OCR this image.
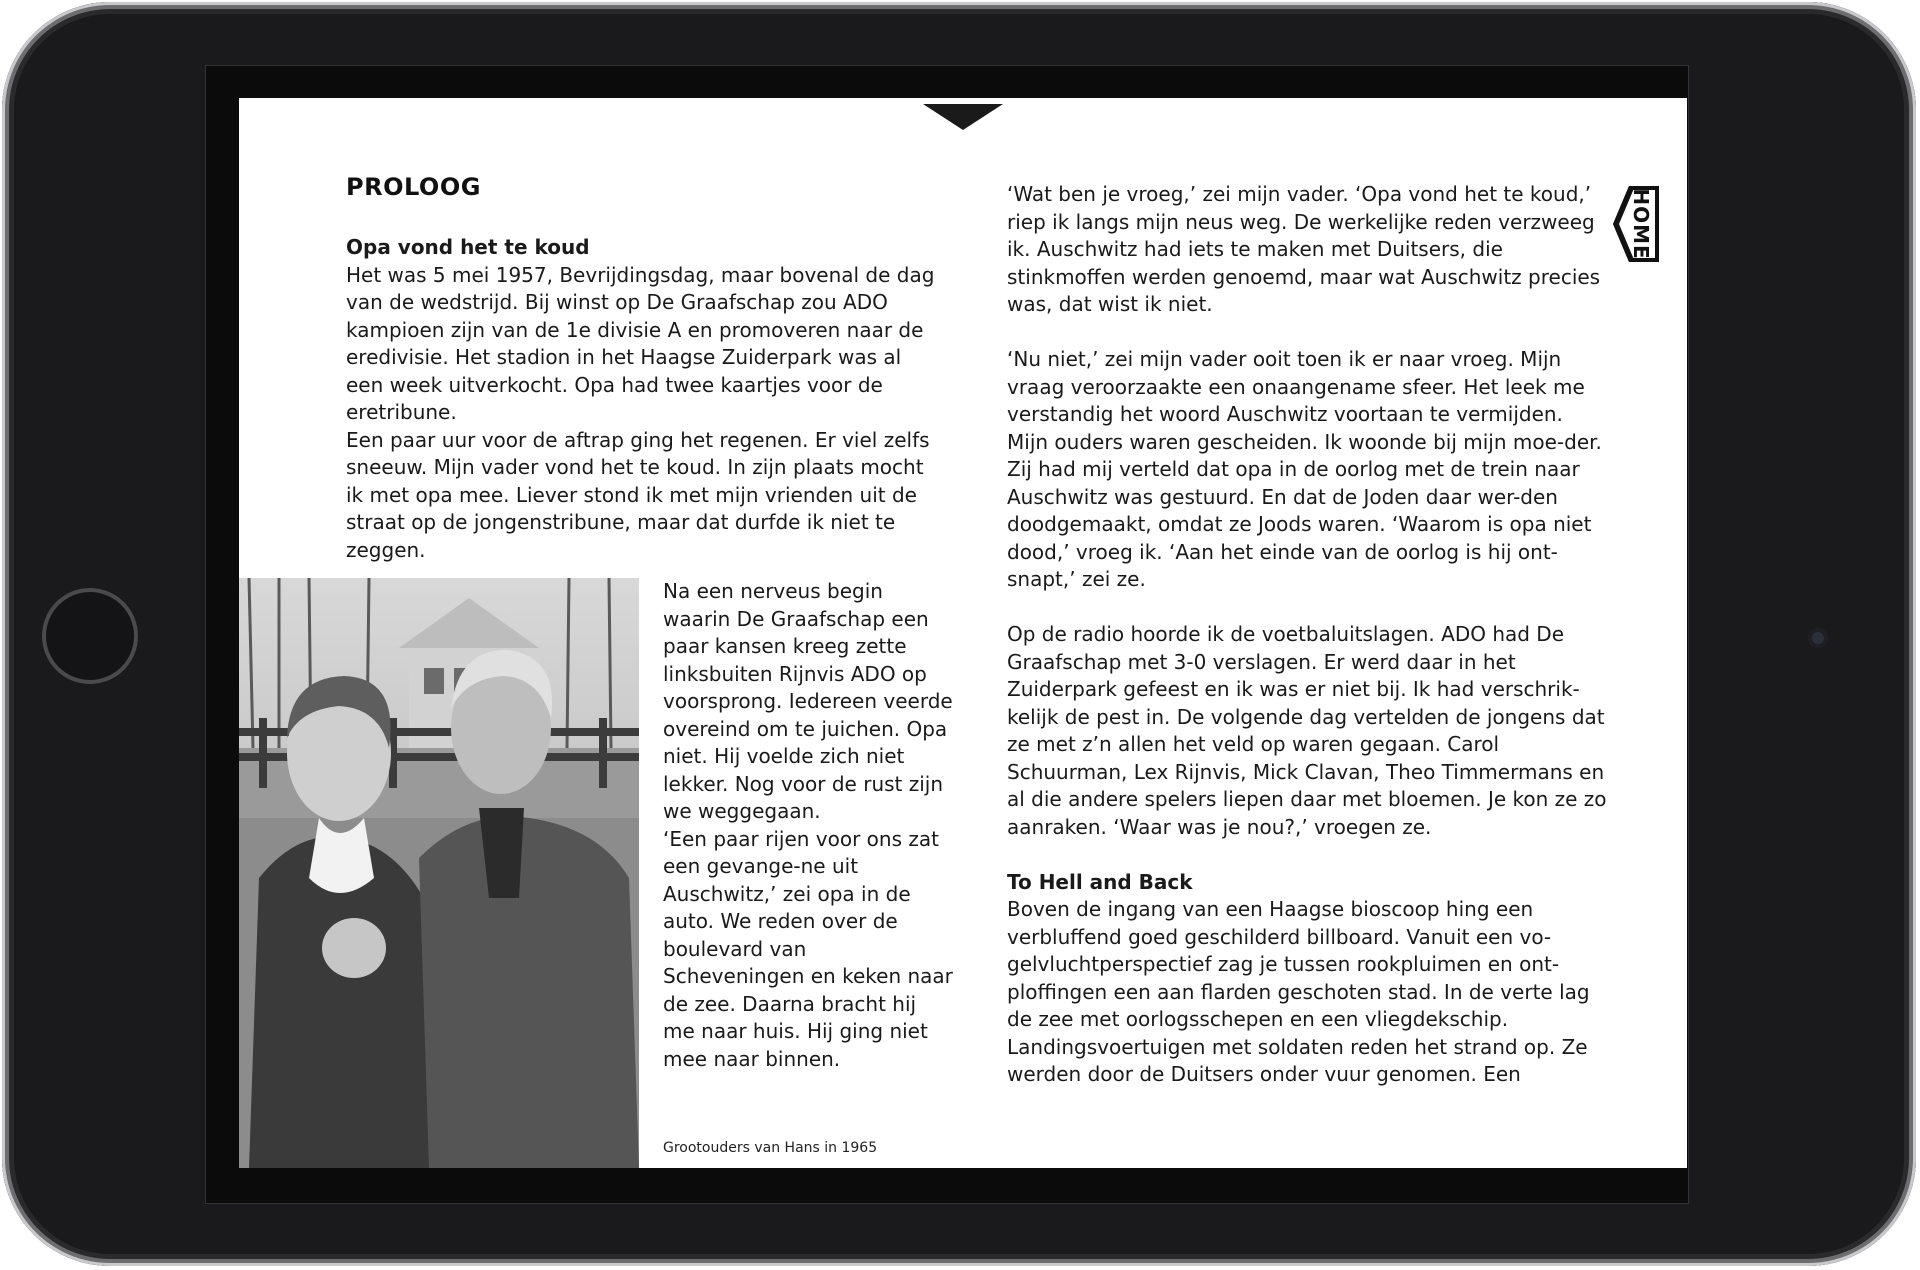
HOME
PROLOOG

Opa vond het te koud

Het was 5 mei 1957, Bevrijdingsdag, maar bovenal de dag van de wedstrijd. Bij winst op De Graafschap zou ADO kampioen zijn van de 1e divisie A en promoveren naar de eredivisie. Het stadion in het Haagse Zuiderpark was al een week uitverkocht. Opa had twee kaartjes voor de eretribune.

Een paar uur voor de aftrap ging het regenen. Er viel zelfs sneeuw. Mijn vader vond het te koud. In zijn plaats mocht ik met opa mee. Liever stond ik met mijn vrienden uit de straat op de jongenstribune, maar dat durfde ik niet te zeggen.

Na een nerveus begin waarin De Graafschap een paar kansen kreeg zette linksbuiten Rijnvis ADO op voorsprong. Iedereen veerde overeind om te juichen. Opa niet. Hij voelde zich niet lekker. Nog voor de rust zijn we weggegaan.

‘Een paar rijen voor ons zat een gevange-ne uit Auschwitz,’ zei opa in de auto. We reden over de boulevard van Scheveningen en keken naar de zee. Daarna bracht hij me naar huis. Hij ging niet mee naar binnen.

Grootouders van Hans in 1965

‘Wat ben je vroeg,’ zei mijn vader. ‘Opa vond het te koud,’ riep ik langs mijn neus weg. De werkelijke reden verzweeg ik. Auschwitz had iets te maken met Duitsers, die stinkmoffen werden genoemd, maar wat Auschwitz precies was, dat wist ik niet.

‘Nu niet,’ zei mijn vader ooit toen ik er naar vroeg. Mijn vraag veroorzaakte een onaangename sfeer. Het leek me verstandig het woord Auschwitz voortaan te vermijden. Mijn ouders waren gescheiden. Ik woonde bij mijn moe-der. Zij had mij verteld dat opa in de oorlog met de trein naar Auschwitz was gestuurd. En dat de Joden daar wer-den doodgemaakt, omdat ze Joods waren. ‘Waarom is opa niet dood,’ vroeg ik. ‘Aan het einde van de oorlog is hij ont-snapt,’ zei ze.

Op de radio hoorde ik de voetbaluitslagen. ADO had De Graafschap met 3-0 verslagen. Er werd daar in het Zuiderpark gefeest en ik was er niet bij. Ik had verschrik-kelijk de pest in. De volgende dag vertelden de jongens dat ze met z’n allen het veld op waren gegaan. Carol Schuurman, Lex Rijnvis, Mick Clavan, Theo Timmermans en al die andere spelers liepen daar met bloemen. Je kon ze zo aanraken. ‘Waar was je nou?,’ vroegen ze.

To Hell and Back

Boven de ingang van een Haagse bioscoop hing een verbluffend goed geschilderd billboard. Vanuit een vo-gelvluchtperspectief zag je tussen rookpluimen en ont-ploffingen een aan flarden geschoten stad. In de verte lag de zee met oorlogsschepen en een vliegdekschip. Landingsvoertuigen met soldaten reden het strand op. Ze werden door de Duitsers onder vuur genomen. Een
